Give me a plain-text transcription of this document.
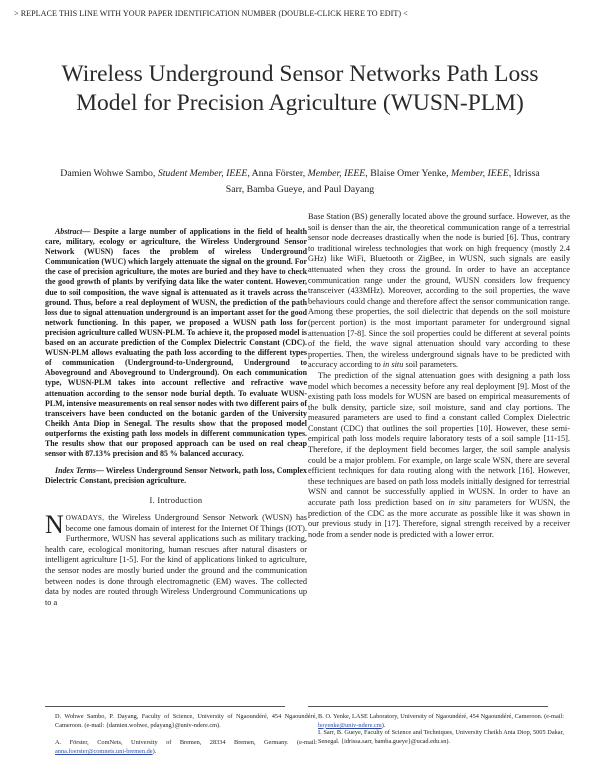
> REPLACE THIS LINE WITH YOUR PAPER IDENTIFICATION NUMBER (DOUBLE-CLICK HERE TO EDIT) <
Wireless Underground Sensor Networks Path Loss Model for Precision Agriculture (WUSN-PLM)
Damien Wohwe Sambo, Student Member, IEEE, Anna Förster, Member, IEEE, Blaise Omer Yenke, Member, IEEE, Idrissa Sarr, Bamba Gueye, and Paul Dayang

Abstract— Despite a large number of applications in the field of health care, military, ecology or agriculture, the Wireless Underground Sensor Network (WUSN) faces the problem of wireless Underground Communication (WUC) which largely attenuate the signal on the ground. For the case of precision agriculture, the motes are buried and they have to check the good growth of plants by verifying data like the water content. However, due to soil composition, the wave signal is attenuated as it travels across the ground. Thus, before a real deployment of WUSN, the prediction of the path loss due to signal attenuation underground is an important asset for the good network functioning. In this paper, we proposed a WUSN path loss for precision agriculture called WUSN-PLM. To achieve it, the proposed model is based on an accurate prediction of the Complex Dielectric Constant (CDC). WUSN-PLM allows evaluating the path loss according to the different types of communication (Underground-to-Underground, Underground to Aboveground and Aboveground to Underground). On each communication type, WUSN-PLM takes into account reflective and refractive wave attenuation according to the sensor node burial depth. To evaluate WUSN-PLM, intensive measurements on real sensor nodes with two different pairs of transceivers have been conducted on the botanic garden of the University Cheikh Anta Diop in Senegal. The results show that the proposed model outperforms the existing path loss models in different communication types. The results show that our proposed approach can be used on real cheap sensor with 87.13% precision and 85 % balanced accuracy.

Index Terms— Wireless Underground Sensor Network, path loss, Complex Dielectric Constant, precision agriculture.

I. Introduction

NOWADAYS, the Wireless Underground Sensor Network (WUSN) has become one famous domain of interest for the Internet Of Things (IOT). Furthermore, WUSN has several applications such as military tracking, health care, ecological monitoring, human rescues after natural disasters or intelligent agriculture [1-5]. For the kind of applications linked to agriculture, the sensor nodes are mostly buried under the ground and the communication between nodes is done through electromagnetic (EM) waves. The collected data by nodes are routed through Wireless Underground Communications up to a

Base Station (BS) generally located above the ground surface. However, as the soil is denser than the air, the theoretical communication range of a terrestrial sensor node decreases drastically when the node is buried [6]. Thus, contrary to traditional wireless technologies that work on high frequency (mostly 2.4 GHz) like WiFi, Bluetooth or ZigBee, in WUSN, such signals are easily attenuated when they cross the ground. In order to have an acceptance communication range under the ground, WUSN considers low frequency transceiver (433MHz). Moreover, according to the soil properties, the wave behaviours could change and therefore affect the sensor communication range. Among these properties, the soil dielectric that depends on the soil moisture (percent portion) is the most important parameter for underground signal attenuation [7-8]. Since the soil properties could be different at several points of the field, the wave signal attenuation should vary according to these properties. Then, the wireless underground signals have to be predicted with accuracy according to in situ soil parameters.

The prediction of the signal attenuation goes with designing a path loss model which becomes a necessity before any real deployment [9]. Most of the existing path loss models for WUSN are based on empirical measurements of the bulk density, particle size, soil moisture, sand and clay portions. The measured parameters are used to find a constant called Complex Dielectric Constant (CDC) that outlines the soil properties [10]. However, these semi-empirical path loss models require laboratory tests of a soil sample [11-15]. Therefore, if the deployment field becomes larger, the soil sample analysis could be a major problem. For example, on large scale WSN, there are several efficient techniques for data routing along with the network [16]. However, these techniques are based on path loss models initially designed for terrestrial WSN and cannot be successfully applied in WUSN. In order to have an accurate path loss prediction based on in situ parameters for WUSN, the prediction of the CDC as the more accurate as possible like it was shown in our previous study in [17]. Therefore, signal strength received by a receiver node from a sender node is predicted with a lower error.

D. Wohwe Sambo, P. Dayang, Faculty of Science, University of Ngaoundéré, 454 Ngaoundéré, Cameroon. (e-mail: {damien.wohwe, pdayang}@univ-ndere.cm).
A. Förster, ComNets, University of Bremen, 28334 Bremen, Germany. (e-mail: anna.foerster@comnets.uni-bremen.de).
B. O. Yenke, LASE Laboratory, University of Ngaoundéré, 454 Ngaoundéré, Cameroon. (e-mail: boyenke@univ-ndere.cm).
I. Sarr, B. Gueye, Faculty of Science and Techniques, University Cheikh Anta Diop, 5005 Dakar, Senegal. {idrissa.sarr, bamba.gueye}@ucad.edu.sn).
